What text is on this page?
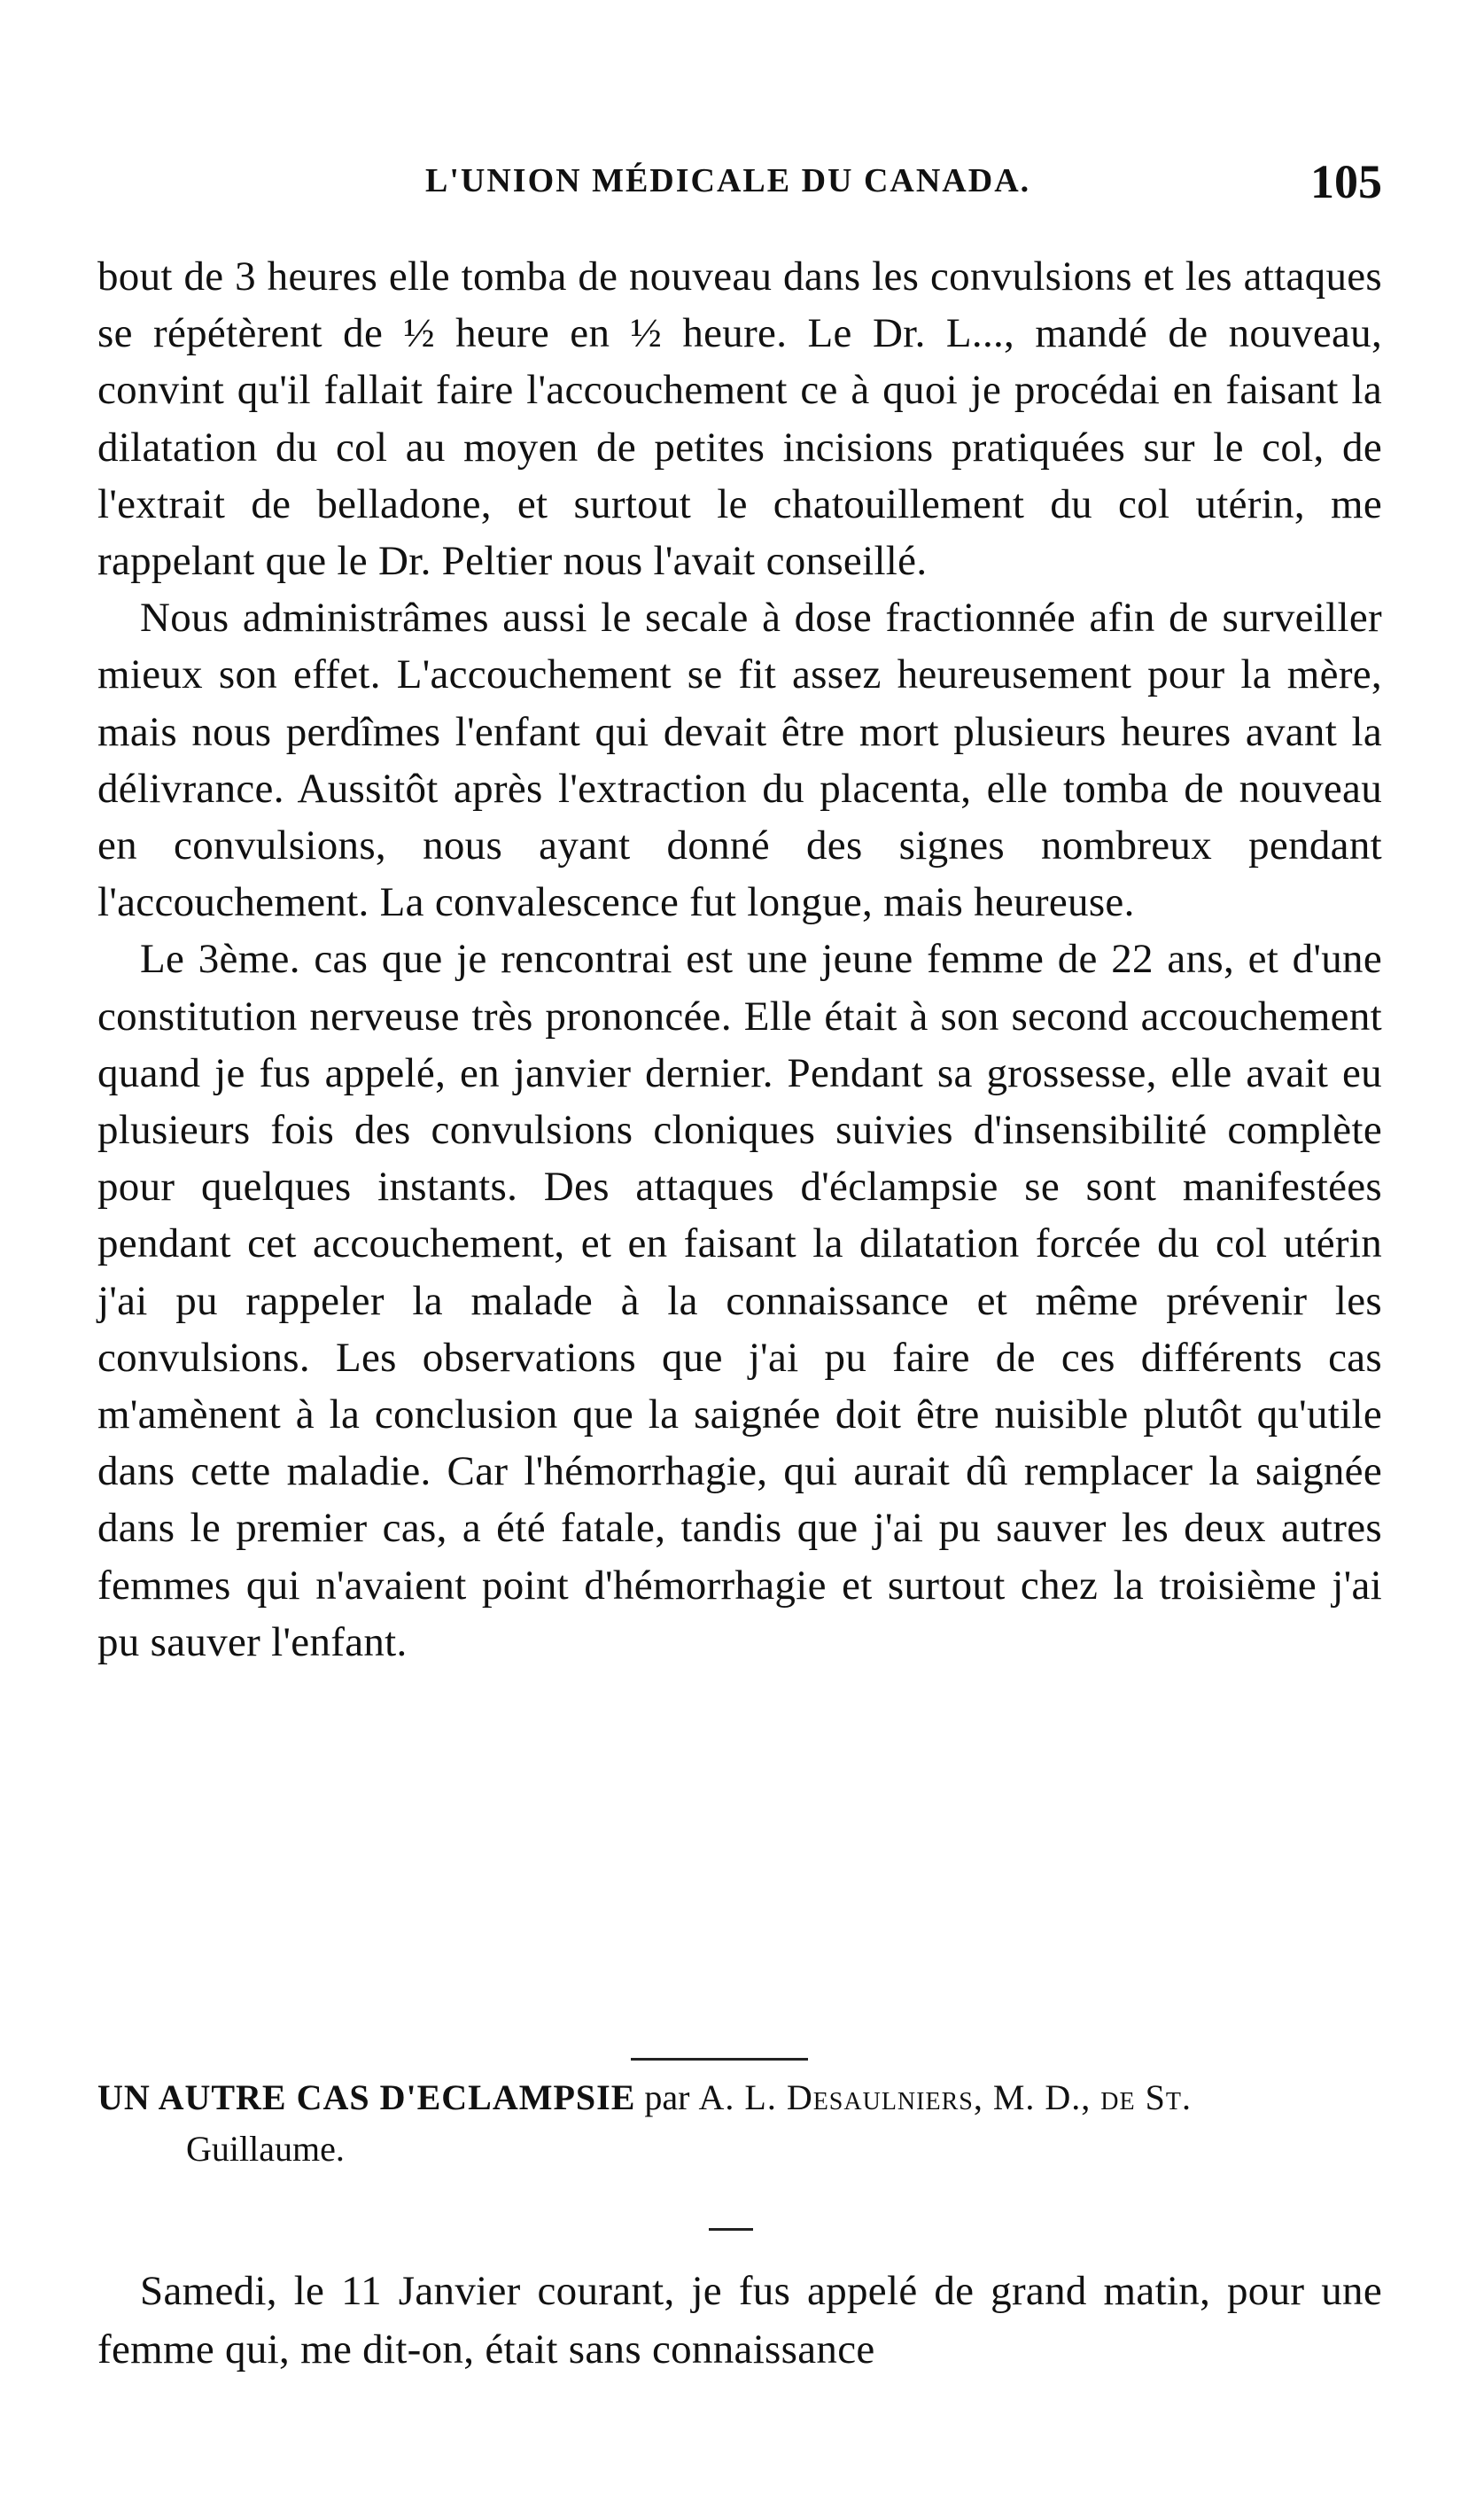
L'UNION MÉDICALE DU CANADA.	105

bout de 3 heures elle tomba de nouveau dans les convulsions et les attaques se répétèrent de ½ heure en ½ heure. Le Dr. L..., mandé de nouveau, convint qu'il fallait faire l'accouchement ce à quoi je procédai en faisant la dilatation du col au moyen de petites incisions pratiquées sur le col, de l'extrait de belladone, et surtout le chatouillement du col utérin, me rappelant que le Dr. Peltier nous l'avait conseillé.

Nous administrâmes aussi le secale à dose fractionnée afin de surveiller mieux son effet. L'accouchement se fit assez heureusement pour la mère, mais nous perdîmes l'enfant qui devait être mort plusieurs heures avant la délivrance. Aussitôt après l'extraction du placenta, elle tomba de nouveau en convulsions, nous ayant donné des signes nombreux pendant l'accouchement. La convalescence fut longue, mais heureuse.

Le 3ème. cas que je rencontrai est une jeune femme de 22 ans, et d'une constitution nerveuse très prononcée. Elle était à son second accouchement quand je fus appelé, en janvier dernier. Pendant sa grossesse, elle avait eu plusieurs fois des convulsions cloniques suivies d'insensibilité complète pour quelques instants. Des attaques d'éclampsie se sont manifestées pendant cet accouchement, et en faisant la dilatation forcée du col utérin j'ai pu rappeler la malade à la connaissance et même prévenir les convulsions. Les observations que j'ai pu faire de ces différents cas m'amènent à la conclusion que la saignée doit être nuisible plutôt qu'utile dans cette maladie. Car l'hémorrhagie, qui aurait dû remplacer la saignée dans le premier cas, a été fatale, tandis que j'ai pu sauver les deux autres femmes qui n'avaient point d'hémorrhagie et surtout chez la troisième j'ai pu sauver l'enfant.

UN AUTRE CAS D'ECLAMPSIE par A. L. Desaulniers, M. D., de St.
Guillaume.

Samedi, le 11 Janvier courant, je fus appelé de grand matin, pour une femme qui, me dit-on, était sans connaissance
